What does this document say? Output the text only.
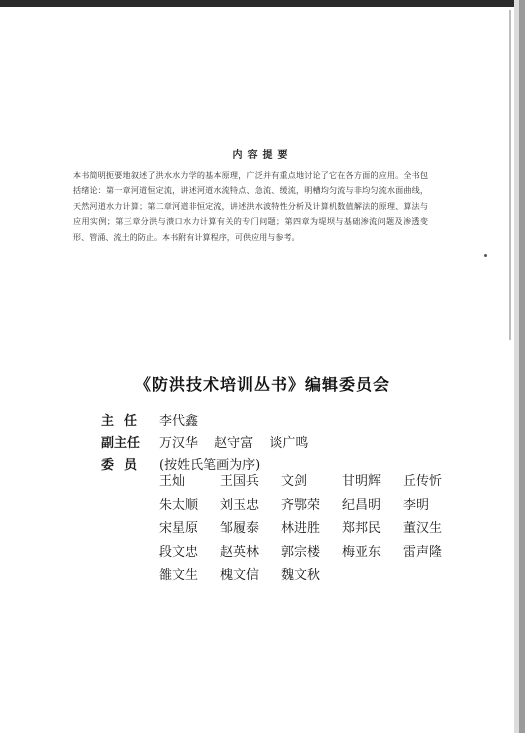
内容提要
本书简明扼要地叙述了洪水水力学的基本原理，广泛并有重点地讨论了它在各方面的应用。全书包括绪论：第一章河道恒定流，讲述河道水流特点、急流、缓流，明槽均匀流与非均匀流水面曲线，天然河道水力计算；第二章河道非恒定流，讲述洪水波特性分析及计算机数值解法的原理、算法与应用实例；第三章分洪与溃口水力计算有关的专门问题；第四章为堤坝与基础渗流问题及渗透变形、管涌、流土的防止。本书附有计算程序，可供应用与参考。
《防洪技术培训丛书》编辑委员会
主任 李代鑫
副主任 万汉华 赵守富 谈广鸣
委员 (按姓氏笔画为序)
王灿	王国兵 文剑	甘明辉 丘传忻
朱太顺 刘玉忠 齐鄂荣 纪昌明 李明
宋星原 邹履泰 林进胜 郑邦民 董汉生
段文忠 赵英林 郭宗楼 梅亚东 雷声隆
雒文生 槐文信 魏文秋
